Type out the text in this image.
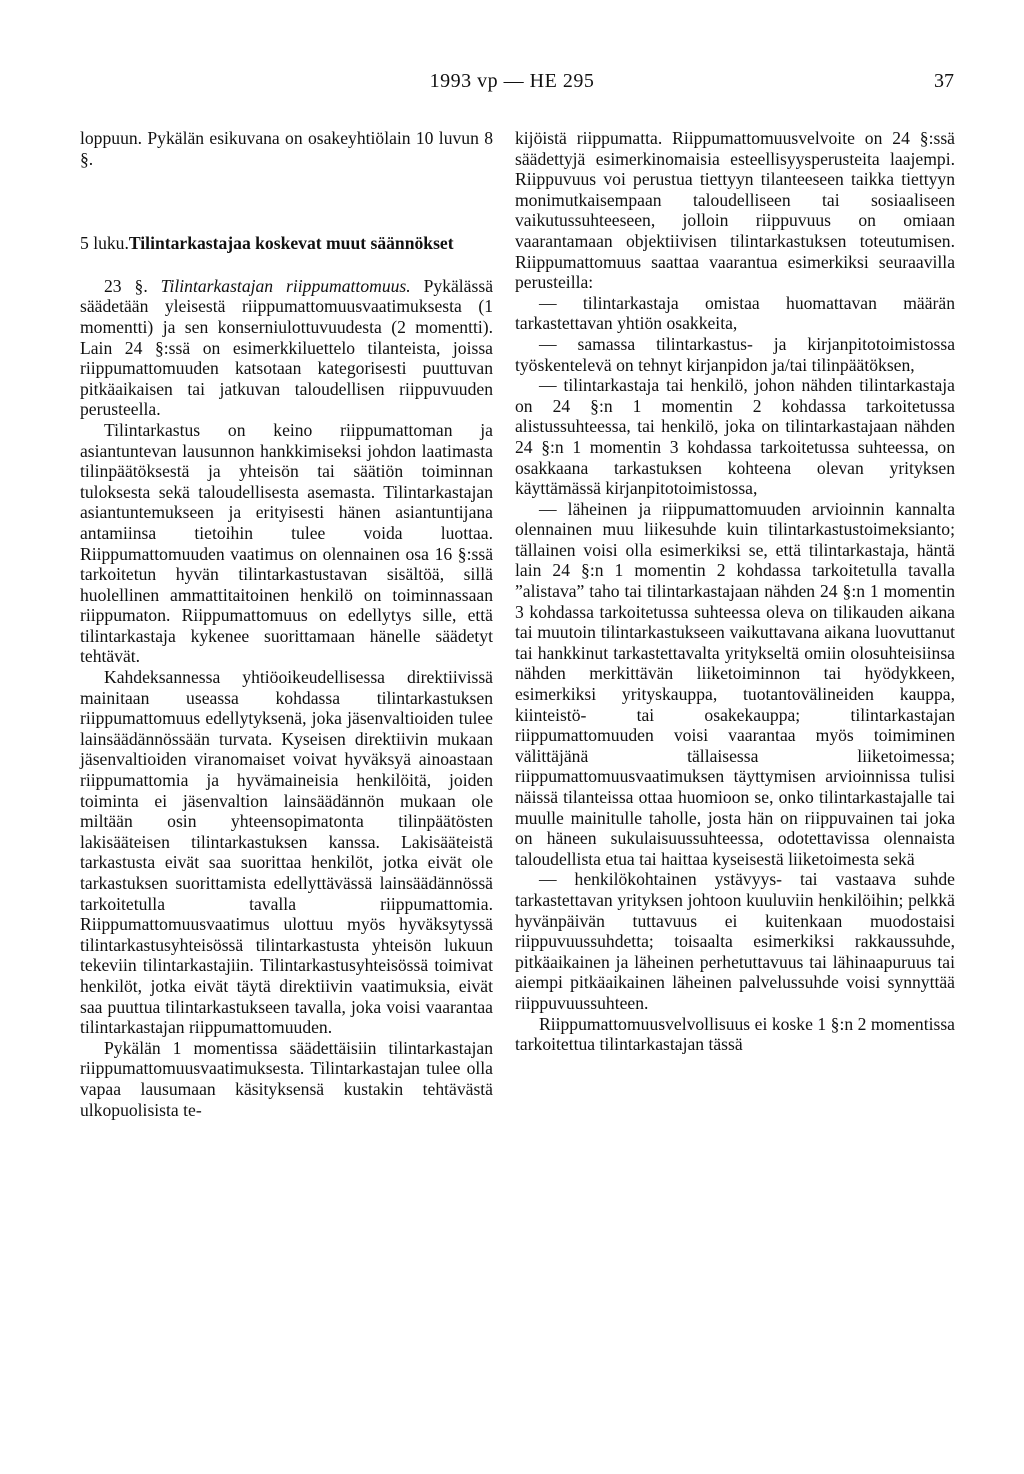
1993 vp — HE 295	37

loppuun. Pykälän esikuvana on osakeyhtiölain 10 luvun 8 §.

5 luku. Tilintarkastajaa koskevat muut säännökset

23 §. Tilintarkastajan riippumattomuus. Pykälässä säädetään yleisestä riippumattomuusvaatimuksesta (1 momentti) ja sen konserniulottuvuudesta (2 momentti). Lain 24 §:ssä on esimerkkiluettelo tilanteista, joissa riippumattomuuden katsotaan kategorisesti puuttuvan pitkäaikaisen tai jatkuvan taloudellisen riippuvuuden perusteella.

Tilintarkastus on keino riippumattoman ja asiantuntevan lausunnon hankkimiseksi johdon laatimasta tilinpäätöksestä ja yhteisön tai säätiön toiminnan tuloksesta sekä taloudellisesta asemasta. Tilintarkastajan asiantuntemukseen ja erityisesti hänen asiantuntijana antamiinsa tietoihin tulee voida luottaa. Riippumattomuuden vaatimus on olennainen osa 16 §:ssä tarkoitetun hyvän tilintarkastustavan sisältöä, sillä huolellinen ammattitaitoinen henkilö on toiminnassaan riippumaton. Riippumattomuus on edellytys sille, että tilintarkastaja kykenee suorittamaan hänelle säädetyt tehtävät.

Kahdeksannessa yhtiöoikeudellisessa direktiivissä mainitaan useassa kohdassa tilintarkastuksen riippumattomuus edellytyksenä, joka jäsenvaltioiden tulee lainsäädännössään turvata. Kyseisen direktiivin mukaan jäsenvaltioiden viranomaiset voivat hyväksyä ainoastaan riippumattomia ja hyvämaineisia henkilöitä, joiden toiminta ei jäsenvaltion lainsäädännön mukaan ole miltään osin yhteensopimatonta tilinpäätösten lakisääteisen tilintarkastuksen kanssa. Lakisääteistä tarkastusta eivät saa suorittaa henkilöt, jotka eivät ole tarkastuksen suorittamista edellyttävässä lainsäädännössä tarkoitetulla tavalla riippumattomia. Riippumattomuusvaatimus ulottuu myös hyväksytyssä tilintarkastusyhteisössä tilintarkastusta yhteisön lukuun tekeviin tilintarkastajiin. Tilintarkastusyhteisössä toimivat henkilöt, jotka eivät täytä direktiivin vaatimuksia, eivät saa puuttua tilintarkastukseen tavalla, joka voisi vaarantaa tilintarkastajan riippumattomuuden.

Pykälän 1 momentissa säädettäisiin tilintarkastajan riippumattomuusvaatimuksesta. Tilintarkastajan tulee olla vapaa lausumaan käsityksensä kustakin tehtävästä ulkopuolisista te-

kijöistä riippumatta. Riippumattomuusvelvoite on 24 §:ssä säädettyjä esimerkinomaisia esteellisyysperusteita laajempi. Riippuvuus voi perustua tiettyyn tilanteeseen taikka tiettyyn monimutkaisempaan taloudelliseen tai sosiaaliseen vaikutussuhteeseen, jolloin riippuvuus on omiaan vaarantamaan objektiivisen tilintarkastuksen toteutumisen. Riippumattomuus saattaa vaarantua esimerkiksi seuraavilla perusteilla:

— tilintarkastaja omistaa huomattavan määrän tarkastettavan yhtiön osakkeita,

— samassa tilintarkastus- ja kirjanpitotoimistossa työskentelevä on tehnyt kirjanpidon ja/tai tilinpäätöksen,

— tilintarkastaja tai henkilö, johon nähden tilintarkastaja on 24 §:n 1 momentin 2 kohdassa tarkoitetussa alistussuhteessa, tai henkilö, joka on tilintarkastajaan nähden 24 §:n 1 momentin 3 kohdassa tarkoitetussa suhteessa, on osakkaana tarkastuksen kohteena olevan yrityksen käyttämässä kirjanpitotoimistossa,

— läheinen ja riippumattomuuden arvioinnin kannalta olennainen muu liikesuhde kuin tilintarkastustoimeksianto; tällainen voisi olla esimerkiksi se, että tilintarkastaja, häntä lain 24 §:n 1 momentin 2 kohdassa tarkoitetulla tavalla ”alistava” taho tai tilintarkastajaan nähden 24 §:n 1 momentin 3 kohdassa tarkoitetussa suhteessa oleva on tilikauden aikana tai muutoin tilintarkastukseen vaikuttavana aikana luovuttanut tai hankkinut tarkastettavalta yritykseltä omiin olosuhteisiinsa nähden merkittävän liiketoiminnon tai hyödykkeen, esimerkiksi yrityskauppa, tuotantovälineiden kauppa, kiinteistö- tai osakekauppa; tilintarkastajan riippumattomuuden voisi vaarantaa myös toimiminen välittäjänä tällaisessa liiketoimessa; riippumattomuusvaatimuksen täyttymisen arvioinnissa tulisi näissä tilanteissa ottaa huomioon se, onko tilintarkastajalle tai muulle mainitulle taholle, josta hän on riippuvainen tai joka on häneen sukulaisuussuhteessa, odotettavissa olennaista taloudellista etua tai haittaa kyseisestä liiketoimesta sekä

— henkilökohtainen ystävyys- tai vastaava suhde tarkastettavan yrityksen johtoon kuuluviin henkilöihin; pelkkä hyvänpäivän tuttavuus ei kuitenkaan muodostaisi riippuvuussuhdetta; toisaalta esimerkiksi rakkaussuhde, pitkäaikainen ja läheinen perhetuttavuus tai lähinaapuruus tai aiempi pitkäaikainen läheinen palvelussuhde voisi synnyttää riippuvuussuhteen.

Riippumattomuusvelvollisuus ei koske 1 §:n 2 momentissa tarkoitettua tilintarkastajan tässä
